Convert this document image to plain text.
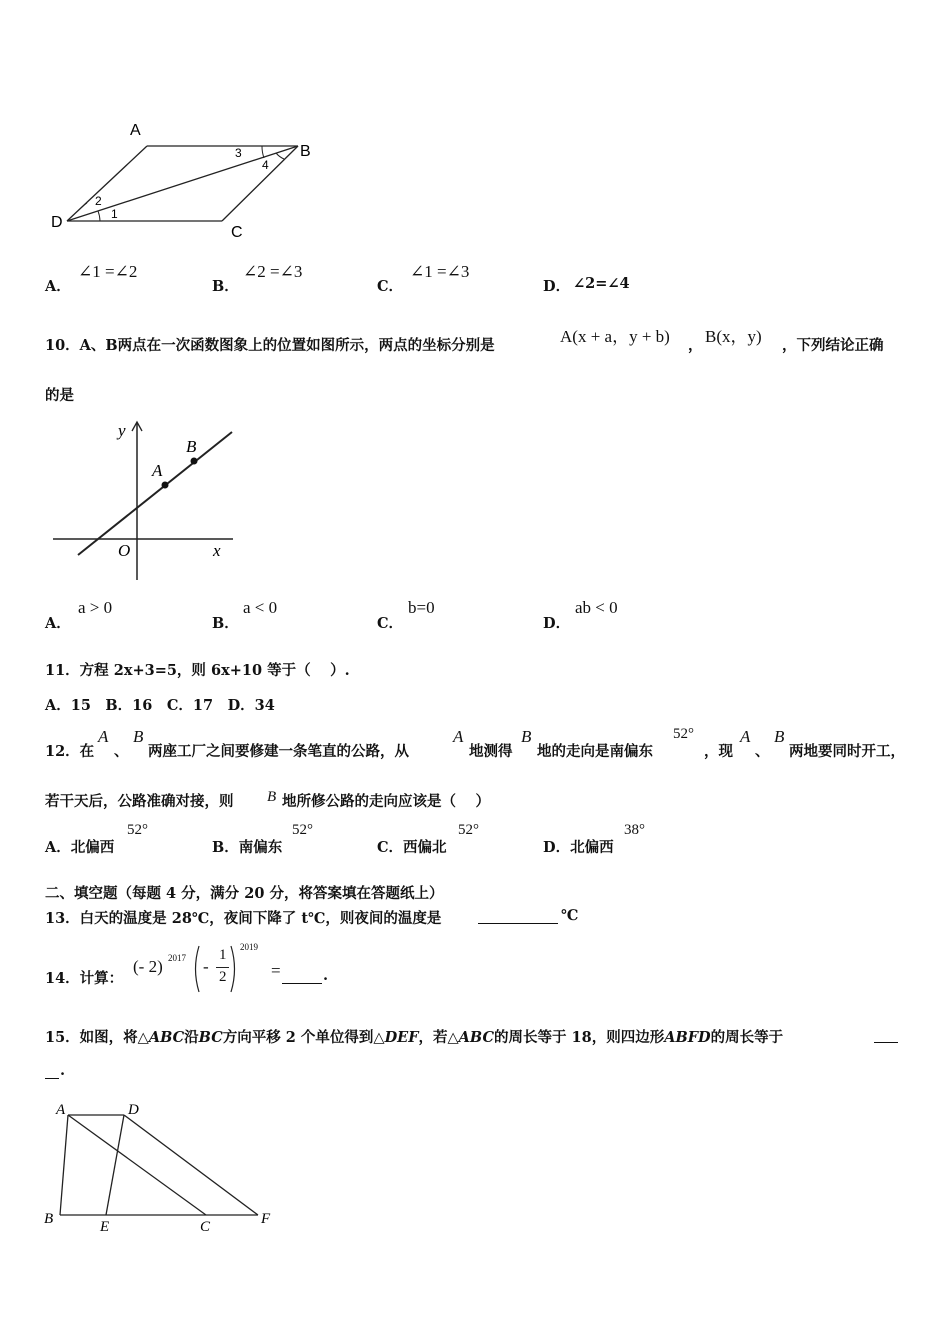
A
B
C
D	1
2
3
4
A．
∠1 =∠2
B．
∠2 =∠3
C．
∠1 =∠3
D． ∠2=∠4
10．A、B两点在一次函数图象上的位置如图所示，两点的坐标分别是	A(x + a，y + b) ， B(x，y) ，下列结论正确
的是
y
x
O
A
B
A．
a > 0
B．
a < 0
C．
b=0
D．
ab < 0
11．方程 2x+3=5，则 6x+10 等于（　 ）.
A．15　B．16　C．17　D．34
12．在
A
、
B
两座工厂之间要修建一条笔直的公路，从
A
地测得
B
地的走向是南偏东
52°
，现
A
、
B
两地要同时开工，
若干天后，公路准确对接，则 B 地所修公路的走向应该是（　 ）
A．北偏西
52°
B．南偏东
52°
C．西偏北
52°
D．北偏西
38°
二、填空题（每题 4 分，满分 20 分，将答案填在答题纸上）
13．白天的温度是 28℃，夜间下降了 t℃，则夜间的温度是	℃
14．计算：
(- 2) 2017 -
1
2
2019
=	.
15．如图，将△ABC沿BC方向平移 2 个单位得到△DEF，若△ABC的周长等于 18，则四边形ABFD的周长等于
.
A	D
B	E	C	F
